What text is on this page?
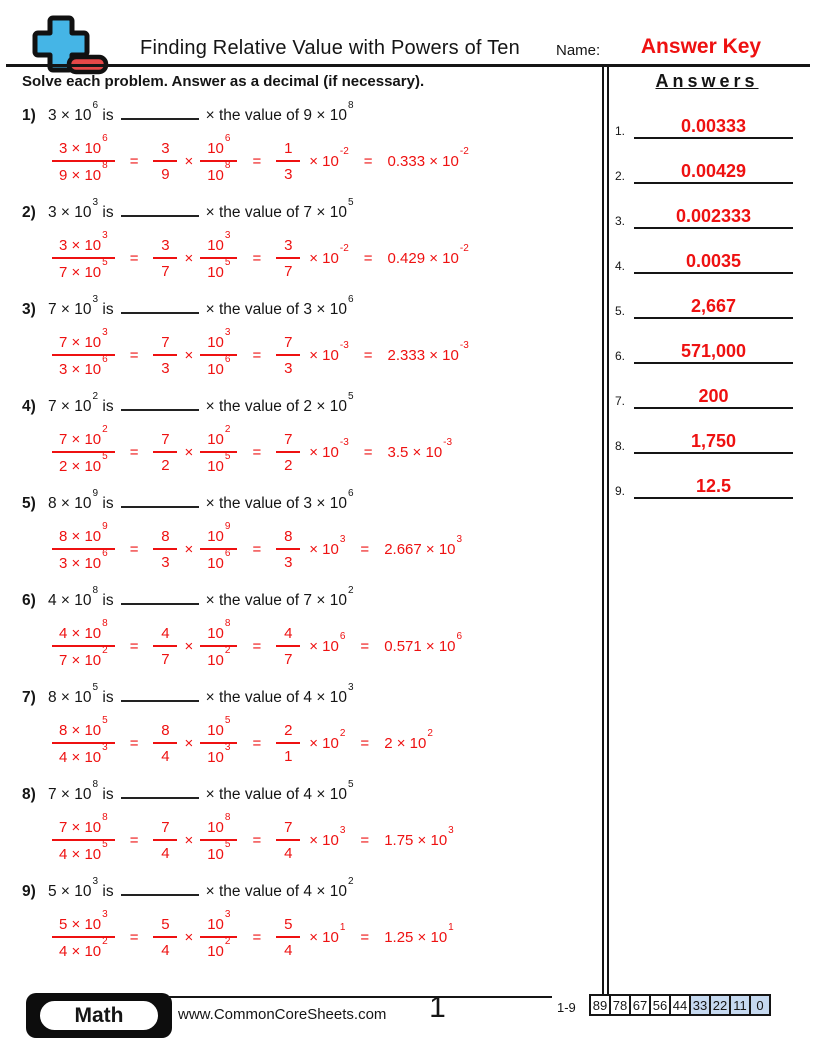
Finding Relative Value with Powers of Ten	Name:	Answer Key
Solve each problem. Answer as a decimal (if necessary).
1) $3 \times 10^6$ is	× the value of $9 \times 10^8$
$\frac{3 \times 10^6}{9 \times 10^8} = \frac{3}{9} \times \frac{10^6}{10^8} = \frac{1}{3} \times 10^{-2}$
= $0.333 \times 10^{-2}$
2) $3 \times 10^3$ is	× the value of $7 \times 10^5$
$\frac{3 \times 10^3}{7 \times 10^5} = \frac{3}{7} \times \frac{10^3}{10^5} = \frac{3}{7} \times 10^{-2}$
= $0.429 \times 10^{-2}$
3) $7 \times 10^3$ is	× the value of $3 \times 10^6$
$\frac{7 \times 10^3}{3 \times 10^6} = \frac{7}{3} \times \frac{10^3}{10^6} = \frac{7}{3} \times 10^{-3}$
= $2.333 \times 10^{-3}$
4) $7 \times 10^2$ is	× the value of $2 \times 10^5$
$\frac{7 \times 10^2}{2 \times 10^5} = \frac{7}{2} \times \frac{10^2}{10^5} = \frac{7}{2} \times 10^{-3}$
= $3.5 \times 10^{-3}$
5) $8 \times 10^9$ is	× the value of $3 \times 10^6$
$\frac{8 \times 10^9}{3 \times 10^6} = \frac{8}{3} \times \frac{10^9}{10^6} = \frac{8}{3} \times 10^3$
= $2.667 \times 10^3$
6) $4 \times 10^8$ is	× the value of $7 \times 10^2$
$\frac{4 \times 10^8}{7 \times 10^2} = \frac{4}{7} \times \frac{10^8}{10^2} = \frac{4}{7} \times 10^6$
= $0.571 \times 10^6$
7) $8 \times 10^5$ is	× the value of $4 \times 10^3$
$\frac{8 \times 10^5}{4 \times 10^3} = \frac{8}{4} \times \frac{10^5}{10^3} = \frac{2}{1} \times 10^2$
= $2 \times 10^2$
8) $7 \times 10^8$ is	× the value of $4 \times 10^5$
$\frac{7 \times 10^8}{4 \times 10^5} = \frac{7}{4} \times \frac{10^8}{10^5} = \frac{7}{4} \times 10^3$
= $1.75 \times 10^3$
9) $5 \times 10^3$ is	× the value of $4 \times 10^2$
$\frac{5 \times 10^3}{4 \times 10^2} = \frac{5}{4} \times \frac{10^3}{10^2} = \frac{5}{4} \times 10^1$
= $1.25 \times 10^1$
Answers
1.	0.00333
2.	0.00429
3.	0.002333
4.	0.0035
5.	2,667
6.	571,000
7.	200
8.	1,750
9.	12.5
Math	www.CommonCoreSheets.com	1	1-9 89 78 67 56 44 33 22 11 0
